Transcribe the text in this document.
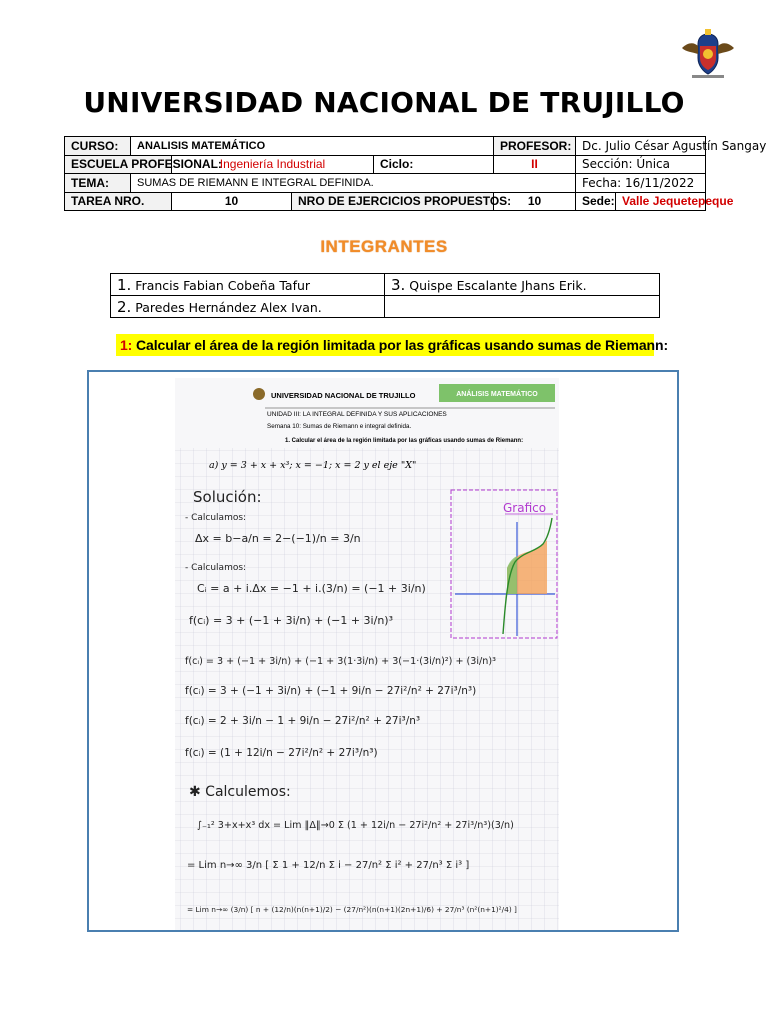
UNIVERSIDAD NACIONAL DE TRUJILLO
CURSO:	ANALISIS MATEMÁTICO				PROFESOR:	Dc. Julio César Agustín Sangay	
ESCUELA PROFESIONAL:		Ingeniería Industrial		Ciclo:	II	Sección: Única	
TEMA:	SUMAS DE RIEMANN E INTEGRAL DEFINIDA.					Fecha: 16/11/2022	
TAREA NRO.		10	NRO DE EJERCICIOS PROPUESTOS:		10	Sede:	Valle Jequetepeque
INTEGRANTES
1. Francis Fabian Cobeña Tafur	3. Quispe Escalante Jhans Erik.
2. Paredes Hernández Alex Ivan.	
1: Calcular el área de la región limitada por las gráficas usando sumas de Riemann:
UNIVERSIDAD NACIONAL DE TRUJILLO	ANÁLISIS MATEMÁTICO
UNIDAD III: LA INTEGRAL DEFINIDA Y SUS APLICACIONES
Semana 10: Sumas de Riemann e integral definida.
1. Calcular el área de la región limitada por las gráficas usando sumas de Riemann:
a) y = 3 + x + x³; x = −1; x = 2 y el eje "X"
Solución:
- Calculamos:
Δx = b−a/n = 2−(−1)/n = 3/n
- Calculamos:
Cᵢ = a + i.Δx = −1 + i.(3/n) = (−1 + 3i/n)
f(cᵢ) = 3 + (−1 + 3i/n) + (−1 + 3i/n)³
f(cᵢ) = 3 + (−1 + 3i/n) + (−1 + 3(1·3i/n) + 3(−1·(3i/n)²) + (3i/n)³
f(cᵢ) = 3 + (−1 + 3i/n) + (−1 + 9i/n − 27i²/n² + 27i³/n³)
f(cᵢ) = 2 + 3i/n − 1 + 9i/n − 27i²/n² + 27i³/n³
f(cᵢ) = (1 + 12i/n − 27i²/n² + 27i³/n³)
✱ Calculemos:
∫₋₁² 3+x+x³ dx = Lim ‖Δ‖→0 Σ (1 + 12i/n − 27i²/n² + 27i³/n³)(3/n)
= Lim n→∞ 3/n [ Σ 1 + 12/n Σ i − 27/n² Σ i² + 27/n³ Σ i³ ]
= Lim n→∞ (3/n) [ n + (12/n)(n(n+1)/2) − (27/n²)(n(n+1)(2n+1)/6) + 27/n³ (n²(n+1)²/4) ]
Grafico
